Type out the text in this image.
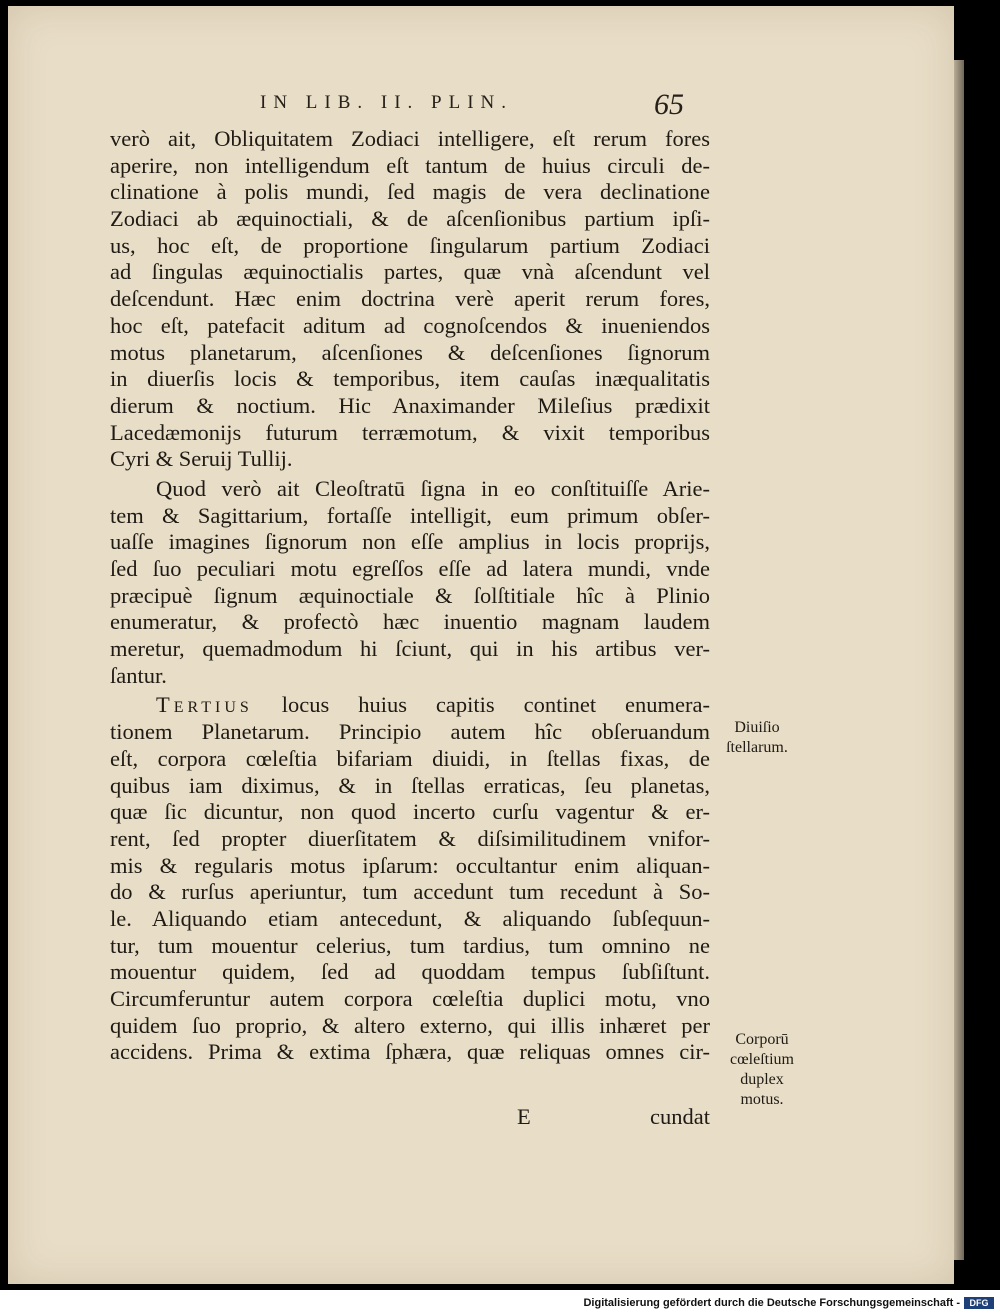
IN LIB. II. PLIN.	65
verò ait, Obliquitatem Zodiaci intelligere, eſt rerum fores
aperire, non intelligendum eſt tantum de huius circuli de-
clinatione à polis mundi, ſed magis de vera declinatione
Zodiaci ab æquinoctiali, & de aſcenſionibus partium ipſi-
us, hoc eſt, de proportione ſingularum partium Zodiaci
ad ſingulas æquinoctialis partes, quæ vnà aſcendunt vel
deſcendunt. Hæc enim doctrina verè aperit rerum fores,
hoc eſt, patefacit aditum ad cognoſcendos & inueniendos
motus planetarum, aſcenſiones & deſcenſiones ſignorum
in diuerſis locis & temporibus, item cauſas inæqualitatis
dierum & noctium. Hic Anaximander Mileſius prædixit
Lacedæmonijs futurum terræmotum, & vixit temporibus
Cyri & Seruij Tullij.
Quod verò ait Cleoſtratū ſigna in eo conſtituiſſe Arie-
tem & Sagittarium, fortaſſe intelligit, eum primum obſer-
uaſſe imagines ſignorum non eſſe amplius in locis proprijs,
ſed ſuo peculiari motu egreſſos eſſe ad latera mundi, vnde
præcipuè ſignum æquinoctiale & ſolſtitiale hîc à Plinio
enumeratur, & profectò hæc inuentio magnam laudem
meretur, quemadmodum hi ſciunt, qui in his artibus ver-
ſantur.
Tertius locus huius capitis continet enumera-
tionem Planetarum. Principio autem hîc obſeruandum
eſt, corpora cœleſtia bifariam diuidi, in ſtellas fixas, de
quibus iam diximus, & in ſtellas erraticas, ſeu planetas,
quæ ſic dicuntur, non quod incerto curſu vagentur & er-
rent, ſed propter diuerſitatem & diſsimilitudinem vnifor-
mis & regularis motus ipſarum: occultantur enim aliquan-
do & rurſus aperiuntur, tum accedunt tum recedunt à So-
le. Aliquando etiam antecedunt, & aliquando ſubſequun-
tur, tum mouentur celerius, tum tardius, tum omnino ne
mouentur quidem, ſed ad quoddam tempus ſubſiſtunt.
Circumferuntur autem corpora cœleſtia duplici motu, vno
quidem ſuo proprio, & altero externo, qui illis inhæret per
accidens. Prima & extima ſphæra, quæ reliquas omnes cir-
E	cundat
Diuiſio
ſtellarum.
Corporū
cœleſtium
duplex
motus.
Digitalisierung gefördert durch die Deutsche Forschungsgemeinschaft -	DFG
